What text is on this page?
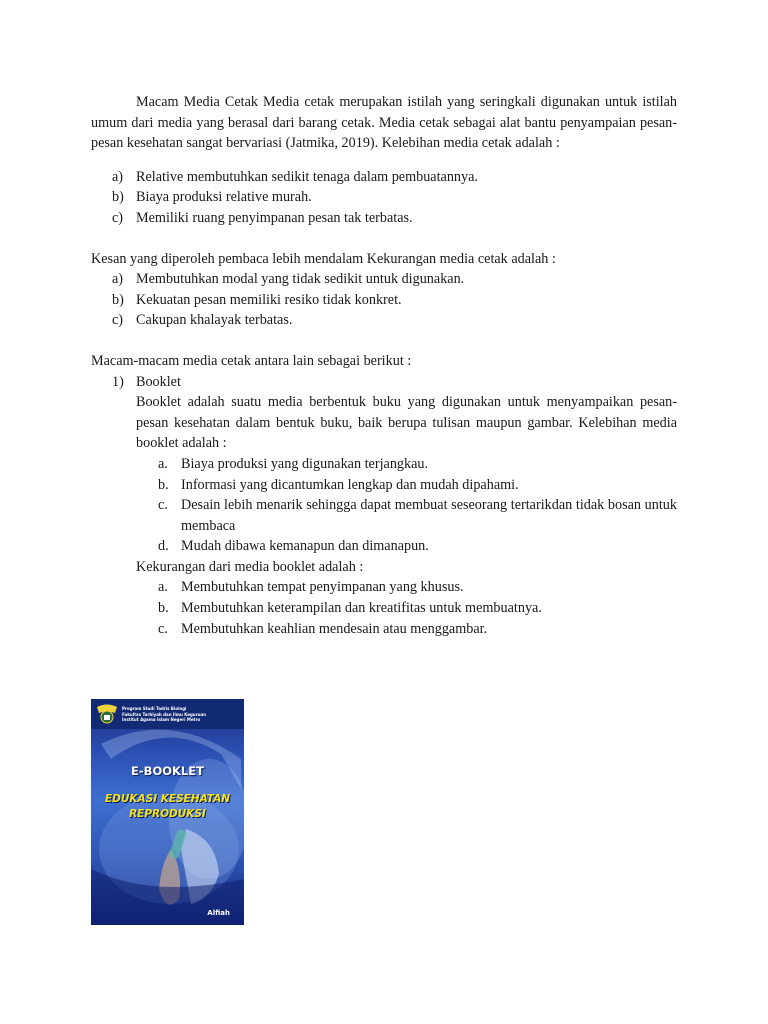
Macam Media Cetak Media cetak merupakan istilah yang seringkali digunakan untuk istilah umum dari media yang berasal dari barang cetak. Media cetak sebagai alat bantu penyampaian pesan-pesan kesehatan sangat bervariasi (Jatmika, 2019). Kelebihan media cetak adalah :

a) Relative membutuhkan sedikit tenaga dalam pembuatannya.
b) Biaya produksi relative murah.
c) Memiliki ruang penyimpanan pesan tak terbatas.

Kesan yang diperoleh pembaca lebih mendalam Kekurangan media cetak adalah :

a) Membutuhkan modal yang tidak sedikit untuk digunakan.
b) Kekuatan pesan memiliki resiko tidak konkret.
c) Cakupan khalayak terbatas.

Macam-macam media cetak antara lain sebagai berikut :

1) Booklet

Booklet adalah suatu media berbentuk buku yang digunakan untuk menyampaikan pesan-pesan kesehatan dalam bentuk buku, baik berupa tulisan maupun gambar. Kelebihan media booklet adalah :

a. Biaya produksi yang digunakan terjangkau.
b. Informasi yang dicantumkan lengkap dan mudah dipahami.
c. Desain lebih menarik sehingga dapat membuat seseorang tertarikdan tidak bosan untuk membaca
d. Mudah dibawa kemanapun dan dimanapun.

Kekurangan dari media booklet adalah :

a. Membutuhkan tempat penyimpanan yang khusus.
b. Membutuhkan keterampilan dan kreatifitas untuk membuatnya.
c. Membutuhkan keahlian mendesain atau menggambar.
Program Studi Tadris Biologi
Fakultas Tarbiyah dan Ilmu Keguruan
Institut Agama Islam Negeri Metro
E-BOOKLET
EDUKASI KESEHATAN
REPRODUKSI
Alfiah
